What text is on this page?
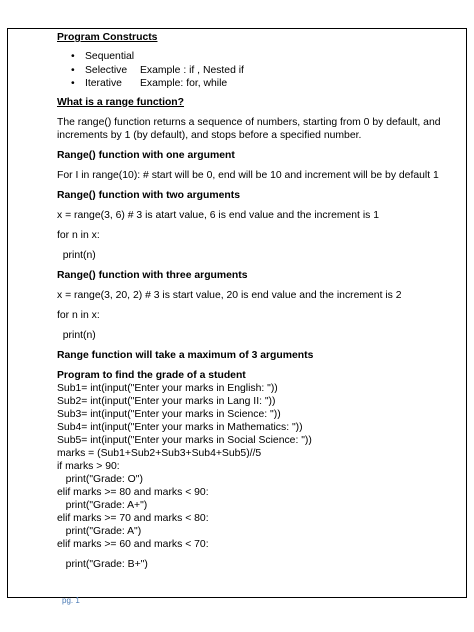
Program Constructs

• Sequential
• Selective Example : if , Nested if
• Iterative Example: for, while

What is a range function?

The range() function returns a sequence of numbers, starting from 0 by default, and

increments by 1 (by default), and stops before a specified number.

Range() function with one argument

For I in range(10): # start will be 0, end will be 10 and increment will be by default 1

Range() function with two arguments

x = range(3, 6) # 3 is atart value, 6 is end value and the increment is 1

for n in x:

print(n)

Range() function with three arguments

x = range(3, 20, 2) # 3 is start value, 20 is end value and the increment is 2

for n in x:

print(n)

Range function will take a maximum of 3 arguments

Program to find the grade of a student

Sub1= int(input("Enter your marks in English: "))
Sub2= int(input("Enter your marks in Lang II: "))
Sub3= int(input("Enter your marks in Science: "))
Sub4= int(input("Enter your marks in Mathematics: "))
Sub5= int(input("Enter your marks in Social Science: "))
marks = (Sub1+Sub2+Sub3+Sub4+Sub5)//5
if marks > 90:
print("Grade: O")
elif marks >= 80 and marks < 90:
print("Grade: A+")
elif marks >= 70 and marks < 80:
print("Grade: A")
elif marks >= 60 and marks < 70:
print("Grade: B+")
pg. 1
